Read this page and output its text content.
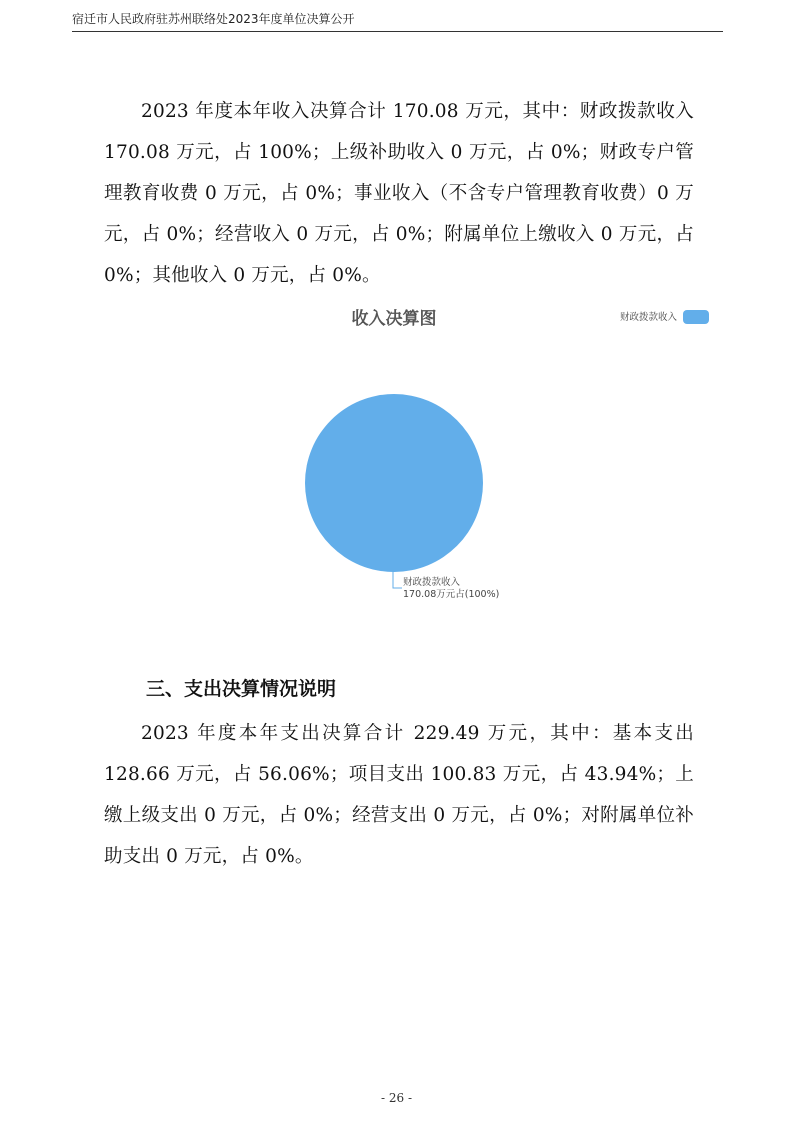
宿迁市人民政府驻苏州联络处2023年度单位决算公开

2023 年度本年收入决算合计 170.08 万元，其中：财政拨款收入 170.08 万元，占 100%；上级补助收入 0 万元，占 0%；财政专户管理教育收费 0 万元，占 0%；事业收入（不含专户管理教育收费）0 万元，占 0%；经营收入 0 万元，占 0%；附属单位上缴收入 0 万元，占 0%；其他收入 0 万元，占 0%。

收入决算图	财政拨款收入
财政拨款收入
170.08万元占(100%)
三、支出决算情况说明

2023 年度本年支出决算合计 229.49 万元，其中：基本支出 128.66 万元，占 56.06%；项目支出 100.83 万元，占 43.94%；上缴上级支出 0 万元，占 0%；经营支出 0 万元，占 0%；对附属单位补助支出 0 万元，占 0%。

- 26 -
